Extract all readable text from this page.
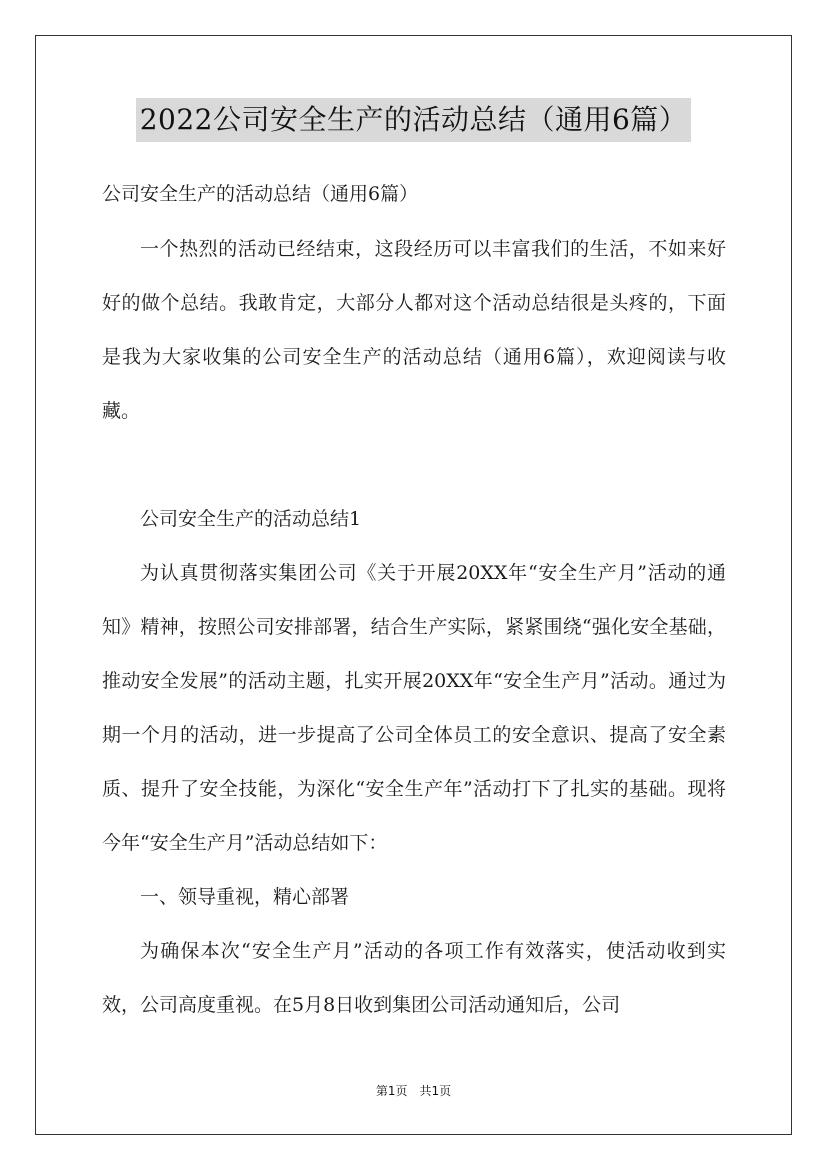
2022公司安全生产的活动总结（通用6篇）

公司安全生产的活动总结（通用6篇）

一个热烈的活动已经结束，这段经历可以丰富我们的生活，不如来好好的做个总结。我敢肯定，大部分人都对这个活动总结很是头疼的，下面是我为大家收集的公司安全生产的活动总结（通用6篇），欢迎阅读与收藏。

公司安全生产的活动总结1

为认真贯彻落实集团公司《关于开展20XX年“安全生产月”活动的通知》精神，按照公司安排部署，结合生产实际，紧紧围绕“强化安全基础，推动安全发展”的活动主题，扎实开展20XX年“安全生产月”活动。通过为期一个月的活动，进一步提高了公司全体员工的安全意识、提高了安全素质、提升了安全技能，为深化“安全生产年”活动打下了扎实的基础。现将今年“安全生产月”活动总结如下：

一、领导重视，精心部署

为确保本次“安全生产月”活动的各项工作有效落实，使活动收到实效，公司高度重视。在5月8日收到集团公司活动通知后，公司

第1页　共1页
